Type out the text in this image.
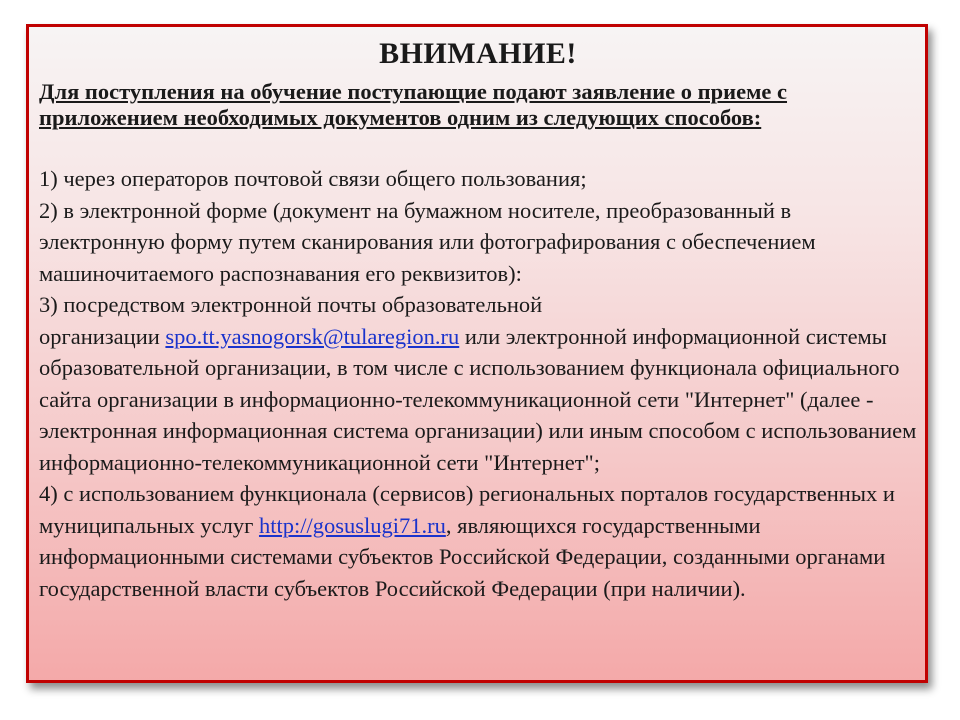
ВНИМАНИЕ!
Для поступления на обучение поступающие подают заявление о приеме с приложением необходимых документов одним из следующих способов:

1) через операторов почтовой связи общего пользования;

2) в электронной форме (документ на бумажном носителе, преобразованный в электронную форму путем сканирования или фотографирования с обеспечением машиночитаемого распознавания его реквизитов):

3) посредством электронной почты образовательной
организации spo.tt.yasnogorsk@tularegion.ru или электронной информационной системы образовательной организации, в том числе с использованием функционала официального сайта организации в информационно-телекоммуникационной сети "Интернет" (далее - электронная информационная система организации) или иным способом с использованием информационно-телекоммуникационной сети "Интернет";

4) с использованием функционала (сервисов) региональных порталов государственных и муниципальных услуг http://gosuslugi71.ru, являющихся государственными информационными системами субъектов Российской Федерации, созданными органами государственной власти субъектов Российской Федерации (при наличии).
